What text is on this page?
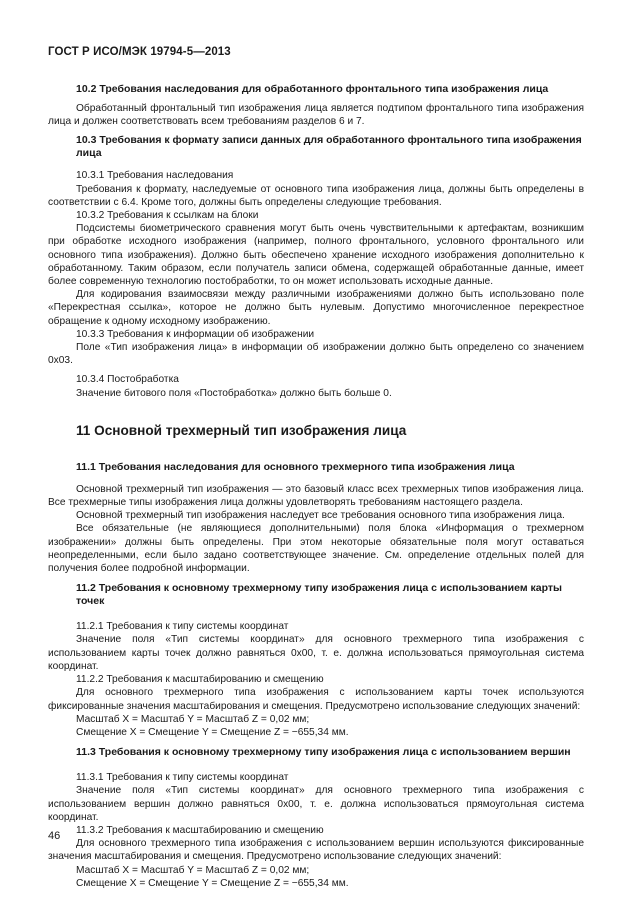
ГОСТ Р ИСО/МЭК 19794-5—2013
10.2 Требования наследования для обработанного фронтального типа изображения лица

Обработанный фронтальный тип изображения лица является подтипом фронтального типа изображения лица и должен соответствовать всем требованиям разделов 6 и 7.

10.3 Требования к формату записи данных для обработанного фронтального типа изображения лица

10.3.1 Требования наследования

Требования к формату, наследуемые от основного типа изображения лица, должны быть определены в соответствии с 6.4. Кроме того, должны быть определены следующие требования.

10.3.2 Требования к ссылкам на блоки

Подсистемы биометрического сравнения могут быть очень чувствительными к артефактам, возникшим при обработке исходного изображения (например, полного фронтального, условного фронтального или основного типа изображения). Должно быть обеспечено хранение исходного изображения дополнительно к обработанному. Таким образом, если получатель записи обмена, содержащей обработанные данные, имеет более современную технологию постобработки, то он может использовать исходные данные.

Для кодирования взаимосвязи между различными изображениями должно быть использовано поле «Перекрестная ссылка», которое не должно быть нулевым. Допустимо многочисленное перекрестное обращение к одному исходному изображению.

10.3.3 Требования к информации об изображении

Поле «Тип изображения лица» в информации об изображении должно быть определено со значением 0x03.

10.3.4 Постобработка

Значение битового поля «Постобработка» должно быть больше 0.

11 Основной трехмерный тип изображения лица
11.1 Требования наследования для основного трехмерного типа изображения лица

Основной трехмерный тип изображения — это базовый класс всех трехмерных типов изображения лица. Все трехмерные типы изображения лица должны удовлетворять требованиям настоящего раздела.

Основной трехмерный тип изображения наследует все требования основного типа изображения лица.

Все обязательные (не являющиеся дополнительными) поля блока «Информация о трехмерном изображении» должны быть определены. При этом некоторые обязательные поля могут оставаться неопределенными, если было задано соответствующее значение. См. определение отдельных полей для получения более подробной информации.

11.2 Требования к основному трехмерному типу изображения лица с использованием карты точек

11.2.1 Требования к типу системы координат

Значение поля «Тип системы координат» для основного трехмерного типа изображения с использованием карты точек должно равняться 0x00, т. е. должна использоваться прямоугольная система координат.

11.2.2 Требования к масштабированию и смещению

Для основного трехмерного типа изображения с использованием карты точек используются фиксированные значения масштабирования и смещения. Предусмотрено использование следующих значений:

Масштаб X = Масштаб Y = Масштаб Z = 0,02 мм;

Смещение X = Смещение Y = Смещение Z = −655,34 мм.

11.3 Требования к основному трехмерному типу изображения лица с использованием вершин

11.3.1 Требования к типу системы координат

Значение поля «Тип системы координат» для основного трехмерного типа изображения с использованием вершин должно равняться 0x00, т. е. должна использоваться прямоугольная система координат.

11.3.2 Требования к масштабированию и смещению

Для основного трехмерного типа изображения с использованием вершин используются фиксированные значения масштабирования и смещения. Предусмотрено использование следующих значений:

Масштаб X = Масштаб Y = Масштаб Z = 0,02 мм;

Смещение X = Смещение Y = Смещение Z = −655,34 мм.

46
